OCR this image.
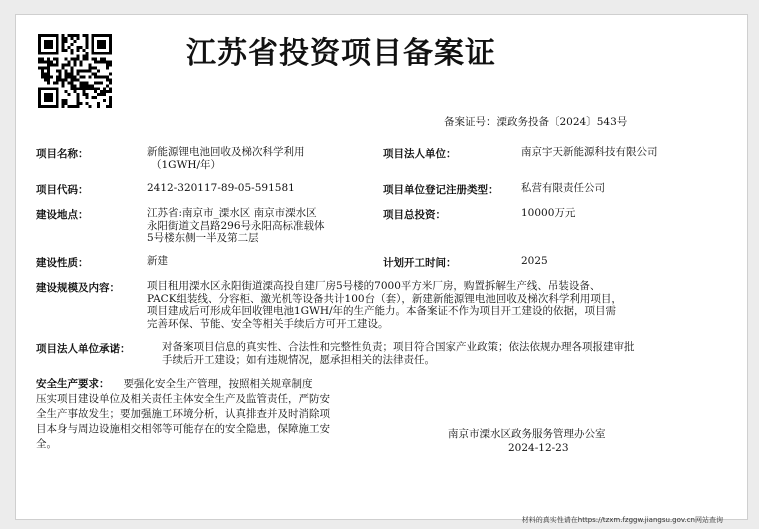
江苏省投资项目备案证
备案证号：溧政务投备〔2024〕543号
项目名称：	新能源锂电池回收及梯次科学利用
（1GWH/年）
项目法人单位：	南京宇天新能源科技有限公司
项目代码：	2412-320117-89-05-591581	项目单位登记注册类型： 私营有限责任公司
建设地点：	江苏省:南京市_溧水区 南京市溧水区
永阳街道文昌路296号永阳高标准载体
5号楼东侧一半及第二层
项目总投资：	10000万元
建设性质：	新建	计划开工时间：	2025
建设规模及内容：	项目租用溧水区永阳街道溧高投自建厂房5号楼的7000平方米厂房，购置拆解生产线、吊装设备、
PACK组装线、分容柜、激光机等设备共计100台（套），新建新能源锂电池回收及梯次科学利用项目，
项目建成后可形成年回收锂电池1GWH/年的生产能力。本备案证不作为项目开工建设的依据，项目需
完善环保、节能、安全等相关手续后方可开工建设。
项目法人单位承诺：	对备案项目信息的真实性、合法性和完整性负责；项目符合国家产业政策；依法依规办理各项报建审批
手续后开工建设；如有违规情况，愿承担相关的法律责任。
安全生产要求： 要强化安全生产管理，按照相关规章制度
压实项目建设单位及相关责任主体安全生产及监管责任，严防安
全生产事故发生；要加强施工环境分析，认真排查并及时消除项
目本身与周边设施相交相邻等可能存在的安全隐患，保障施工安
全。
南京市溧水区政务服务管理办公室
2024-12-23
材料的真实性请在https://tzxm.fzggw.jiangsu.gov.cn网站查询
